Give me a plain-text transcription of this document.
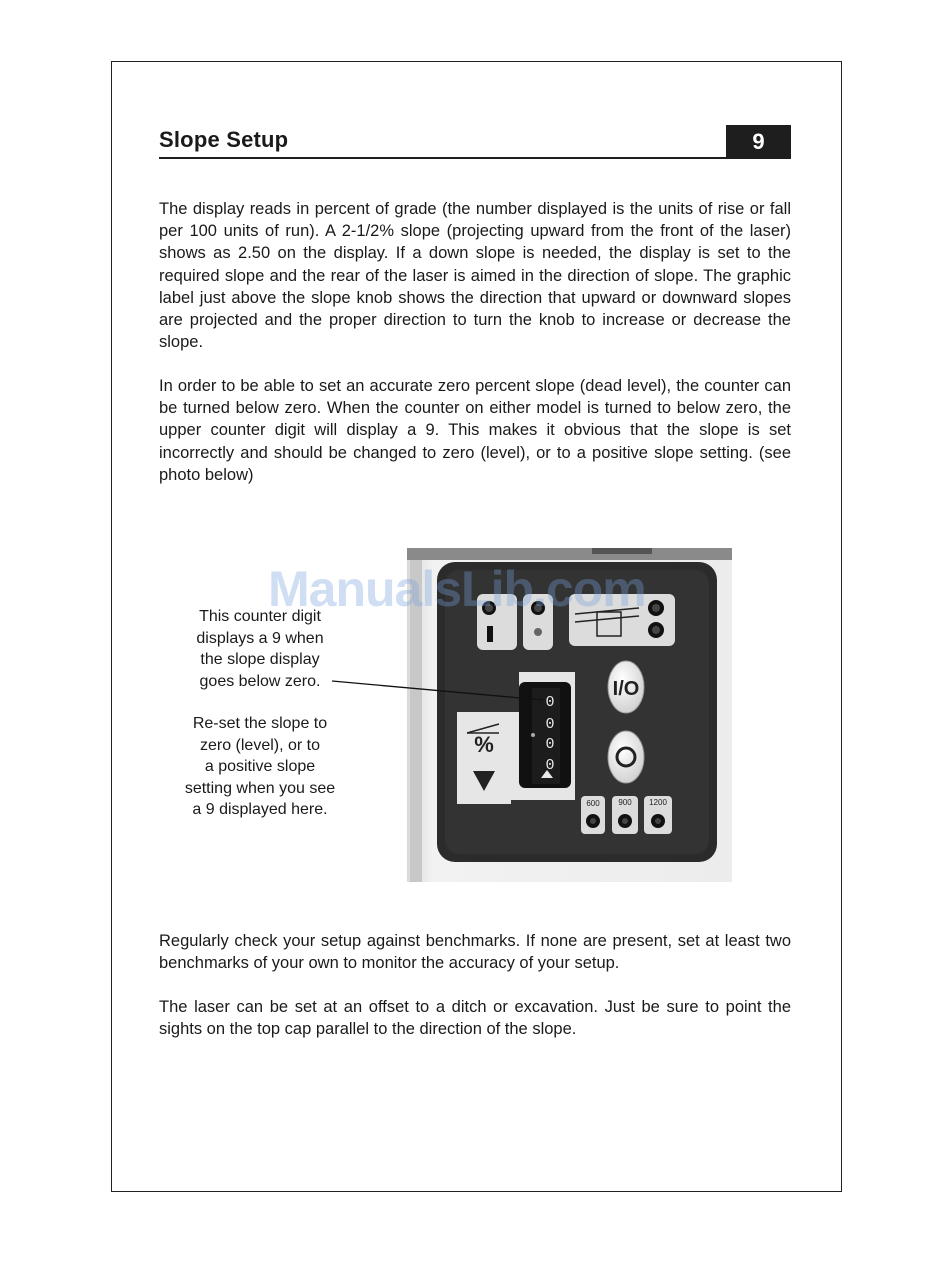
Slope Setup	9

The display reads in percent of grade (the number displayed is the units of rise or fall per 100 units of run). A 2-1/2% slope (projecting upward from the front of the laser) shows as 2.50 on the display. If a down slope is needed, the display is set to the required slope and the rear of the laser is aimed in the direction of slope. The graphic label just above the slope knob shows the direction that upward or downward slopes are projected and the proper direction to turn the knob to increase or decrease the slope.

In order to be able to set an accurate zero percent slope (dead level), the counter can be turned below zero. When the counter on either model is turned to below zero, the upper counter digit will display a 9. This makes it obvious that the slope is set incorrectly and should be changed to zero (level), or to a positive slope setting. (see photo below)

This counter digit
displays a 9 when
the slope display
goes below zero.
Re-set the slope to
zero (level), or to
a positive slope
setting when you see
a 9 displayed here.
%
0
0
0
0
I/O
600 900 1200
ManualsLib.com

Regularly check your setup against benchmarks. If none are present, set at least two benchmarks of your own to monitor the accuracy of your setup.

The laser can be set at an offset to a ditch or excavation. Just be sure to point the sights on the top cap parallel to the direction of the slope.
